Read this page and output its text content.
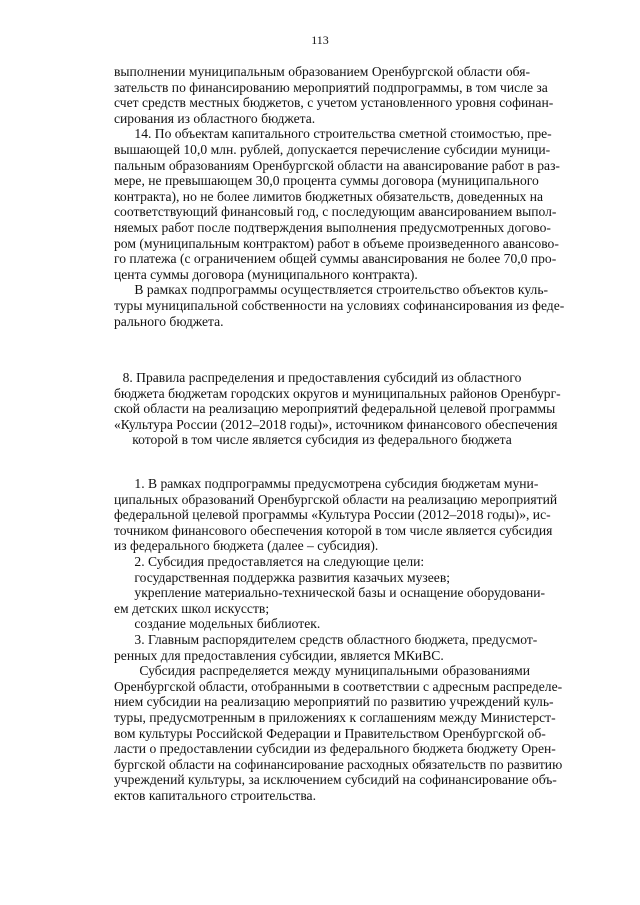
113
выполнении муниципальным образованием Оренбургской области обя-
зательств по финансированию мероприятий подпрограммы, в том числе за
счет средств местных бюджетов, с учетом установленного уровня софинан-
сирования из областного бюджета.
14. По объектам капитального строительства сметной стоимостью, пре-
вышающей 10,0 млн. рублей, допускается перечисление субсидии муници-
пальным образованиям Оренбургской области на авансирование работ в раз-
мере, не превышающем 30,0 процента суммы договора (муниципального
контракта), но не более лимитов бюджетных обязательств, доведенных на
соответствующий финансовый год, с последующим авансированием выпол-
няемых работ после подтверждения выполнения предусмотренных догово-
ром (муниципальным контрактом) работ в объеме произведенного авансово-
го платежа (с ограничением общей суммы авансирования не более 70,0 про-
цента суммы договора (муниципального контракта).
В рамках подпрограммы осуществляется строительство объектов куль-
туры муниципальной собственности на условиях софинансирования из феде-
рального бюджета.
8. Правила распределения и предоставления субсидий из областного
бюджета бюджетам городских округов и муниципальных районов Оренбург-
ской области на реализацию мероприятий федеральной целевой программы
«Культура России (2012–2018 годы)», источником финансового обеспечения
которой в том числе является субсидия из федерального бюджета
1. В рамках подпрограммы предусмотрена субсидия бюджетам муни-
ципальных образований Оренбургской области на реализацию мероприятий
федеральной целевой программы «Культура России (2012–2018 годы)», ис-
точником финансового обеспечения которой в том числе является субсидия
из федерального бюджета (далее – субсидия).
2. Субсидия предоставляется на следующие цели:
государственная поддержка развития казачьих музеев;
укрепление материально-технической базы и оснащение оборудовани-
ем детских школ искусств;
создание модельных библиотек.
3. Главным распорядителем средств областного бюджета, предусмот-
ренных для предоставления субсидии, является МКиВС.
Субсидия распределяется между муниципальными образованиями
Оренбургской области, отобранными в соответствии с адресным распределе-
нием субсидии на реализацию мероприятий по развитию учреждений куль-
туры, предусмотренным в приложениях к соглашениям между Министерст-
вом культуры Российской Федерации и Правительством Оренбургской об-
ласти о предоставлении субсидии из федерального бюджета бюджету Орен-
бургской области на софинансирование расходных обязательств по развитию
учреждений культуры, за исключением субсидий на софинансирование объ-
ектов капитального строительства.
